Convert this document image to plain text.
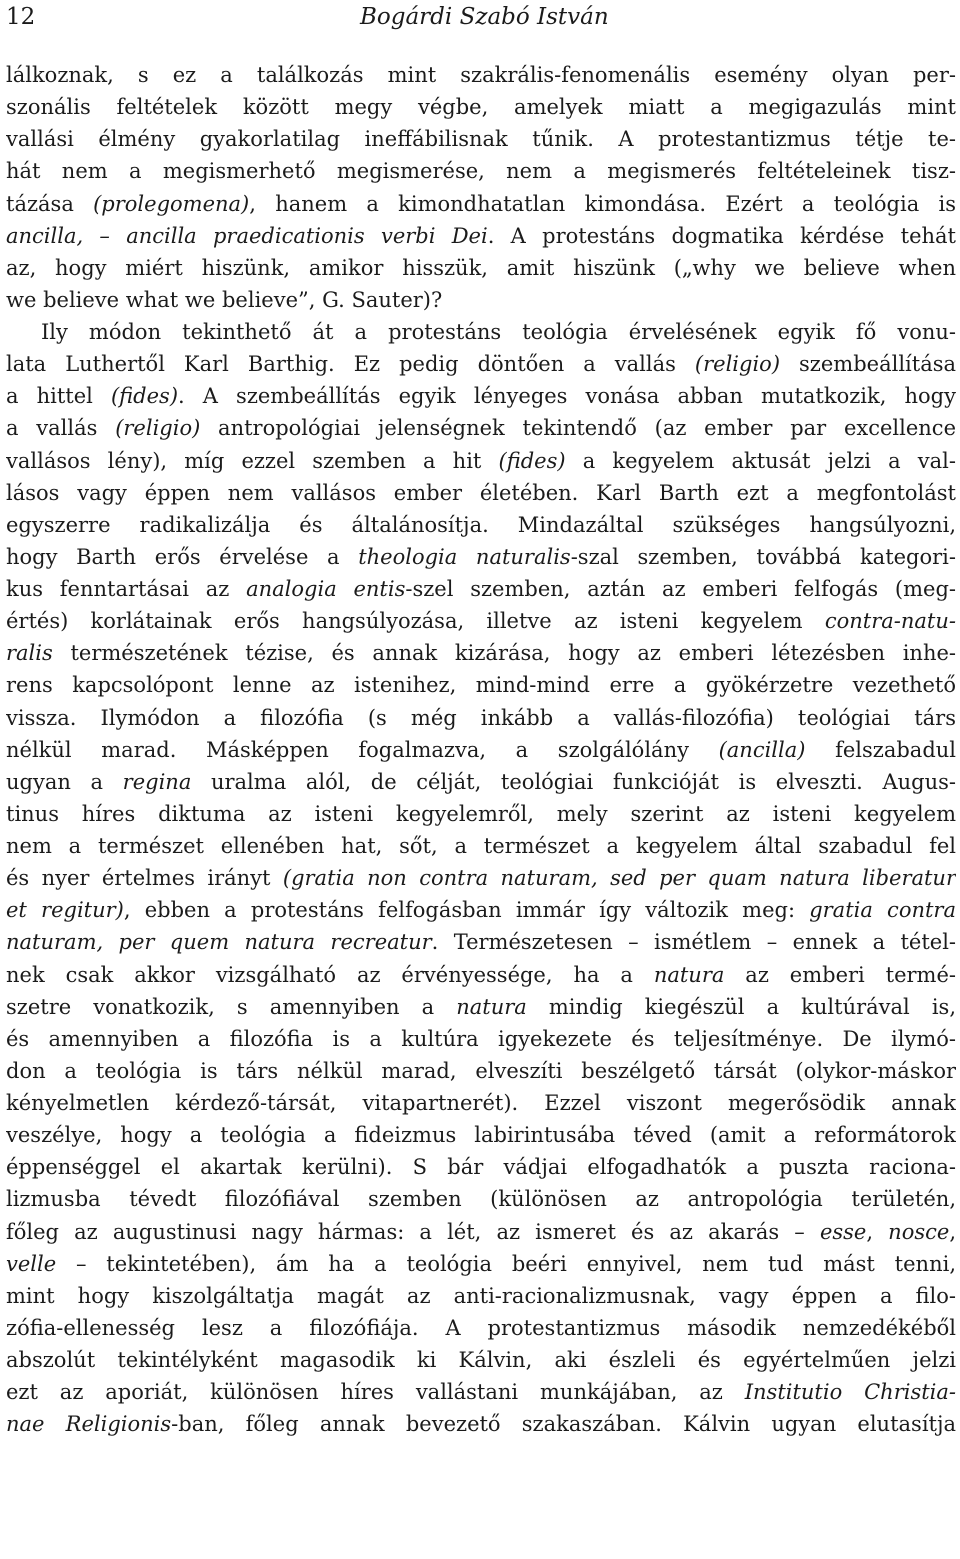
12	Bogárdi Szabó István
lálkoznak, s ez a találkozás mint szakrális-fenomenális esemény olyan per-
szonális feltételek között megy végbe, amelyek miatt a megigazulás mint
vallási élmény gyakorlatilag ineffábilisnak tűnik. A protestantizmus tétje te-
hát nem a megismerhető megismerése, nem a megismerés feltételeinek tisz-
tázása (prolegomena), hanem a kimondhatatlan kimondása. Ezért a teológia is
ancilla, – ancilla praedicationis verbi Dei. A protestáns dogmatika kérdése tehát
az, hogy miért hiszünk, amikor hisszük, amit hiszünk („why we believe when
we believe what we believe”, G. Sauter)?
Ily módon tekinthető át a protestáns teológia érvelésének egyik fő vonu-
lata Luthertől Karl Barthig. Ez pedig döntően a vallás (religio) szembeállítása
a hittel (fides). A szembeállítás egyik lényeges vonása abban mutatkozik, hogy
a vallás (religio) antropológiai jelenségnek tekintendő (az ember par excellence
vallásos lény), míg ezzel szemben a hit (fides) a kegyelem aktusát jelzi a val-
lásos vagy éppen nem vallásos ember életében. Karl Barth ezt a megfontolást
egyszerre radikalizálja és általánosítja. Mindazáltal szükséges hangsúlyozni,
hogy Barth erős érvelése a theologia naturalis-szal szemben, továbbá kategori-
kus fenntartásai az analogia entis-szel szemben, aztán az emberi felfogás (meg-
értés) korlátainak erős hangsúlyozása, illetve az isteni kegyelem contra-natu-
ralis természetének tézise, és annak kizárása, hogy az emberi létezésben inhe-
rens kapcsolópont lenne az istenihez, mind-mind erre a gyökérzetre vezethető
vissza. Ilymódon a filozófia (s még inkább a vallás-filozófia) teológiai társ
nélkül marad. Másképpen fogalmazva, a szolgálólány (ancilla) felszabadul
ugyan a regina uralma alól, de célját, teológiai funkcióját is elveszti. Augus-
tinus híres diktuma az isteni kegyelemről, mely szerint az isteni kegyelem
nem a természet ellenében hat, sőt, a természet a kegyelem által szabadul fel
és nyer értelmes irányt (gratia non contra naturam, sed per quam natura liberatur
et regitur), ebben a protestáns felfogásban immár így változik meg: gratia contra
naturam, per quem natura recreatur. Természetesen – ismétlem – ennek a tétel-
nek csak akkor vizsgálható az érvényessége, ha a natura az emberi termé-
szetre vonatkozik, s amennyiben a natura mindig kiegészül a kultúrával is,
és amennyiben a filozófia is a kultúra igyekezete és teljesítménye. De ilymó-
don a teológia is társ nélkül marad, elveszíti beszélgető társát (olykor-máskor
kényelmetlen kérdező-társát, vitapartnerét). Ezzel viszont megerősödik annak
veszélye, hogy a teológia a fideizmus labirintusába téved (amit a reformátorok
éppenséggel el akartak kerülni). S bár vádjai elfogadhatók a puszta raciona-
lizmusba tévedt filozófiával szemben (különösen az antropológia területén,
főleg az augustinusi nagy hármas: a lét, az ismeret és az akarás – esse, nosce,
velle – tekintetében), ám ha a teológia beéri ennyivel, nem tud mást tenni,
mint hogy kiszolgáltatja magát az anti-racionalizmusnak, vagy éppen a filo-
zófia-ellenesség lesz a filozófiája. A protestantizmus második nemzedékéből
abszolút tekintélyként magasodik ki Kálvin, aki észleli és egyértelműen jelzi
ezt az aporiát, különösen híres vallástani munkájában, az Institutio Christia-
nae Religionis-ban, főleg annak bevezető szakaszában. Kálvin ugyan elutasítja
